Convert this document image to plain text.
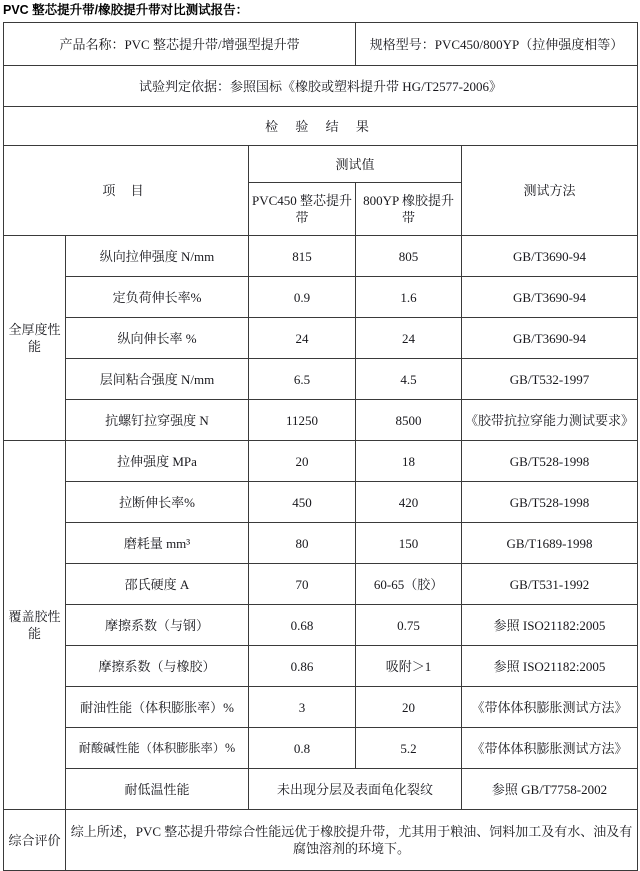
PVC 整芯提升带/橡胶提升带对比测试报告：
产品名称：PVC 整芯提升带/增强型提升带			规格型号：PVC450/800YP（拉伸强度相等）	
试验判定依据：参照国标《橡胶或塑料提升带 HG/T2577-2006》				
检 验 结 果				
项 目		测试值		测试方法
		PVC450 整芯提升带	800YP 橡胶提升带	
全厚度性能	纵向拉伸强度 N/mm	815	805	GB/T3690-94
	定负荷伸长率%	0.9	1.6	GB/T3690-94
	纵向伸长率 %	24	24	GB/T3690-94
	层间粘合强度 N/mm	6.5	4.5	GB/T532-1997
	抗螺钉拉穿强度 N	11250	8500	《胶带抗拉穿能力测试要求》
覆盖胶性能	拉伸强度 MPa	20	18	GB/T528-1998
	拉断伸长率%	450	420	GB/T528-1998
	磨耗量 mm³	80	150	GB/T1689-1998
	邵氏硬度 A	70	60-65（胶）	GB/T531-1992
	摩擦系数（与钢）	0.68	0.75	参照 ISO21182:2005
	摩擦系数（与橡胶）	0.86	吸附＞1	参照 ISO21182:2005
	耐油性能（体积膨胀率）%	3	20	《带体体积膨胀测试方法》
	耐酸碱性能（体积膨胀率）%	0.8	5.2	《带体体积膨胀测试方法》
	耐低温性能	未出现分层及表面龟化裂纹		参照 GB/T7758-2002
综合评价	综上所述，PVC 整芯提升带综合性能远优于橡胶提升带，尤其用于粮油、饲料加工及有水、油及有腐蚀溶剂的环境下。			
